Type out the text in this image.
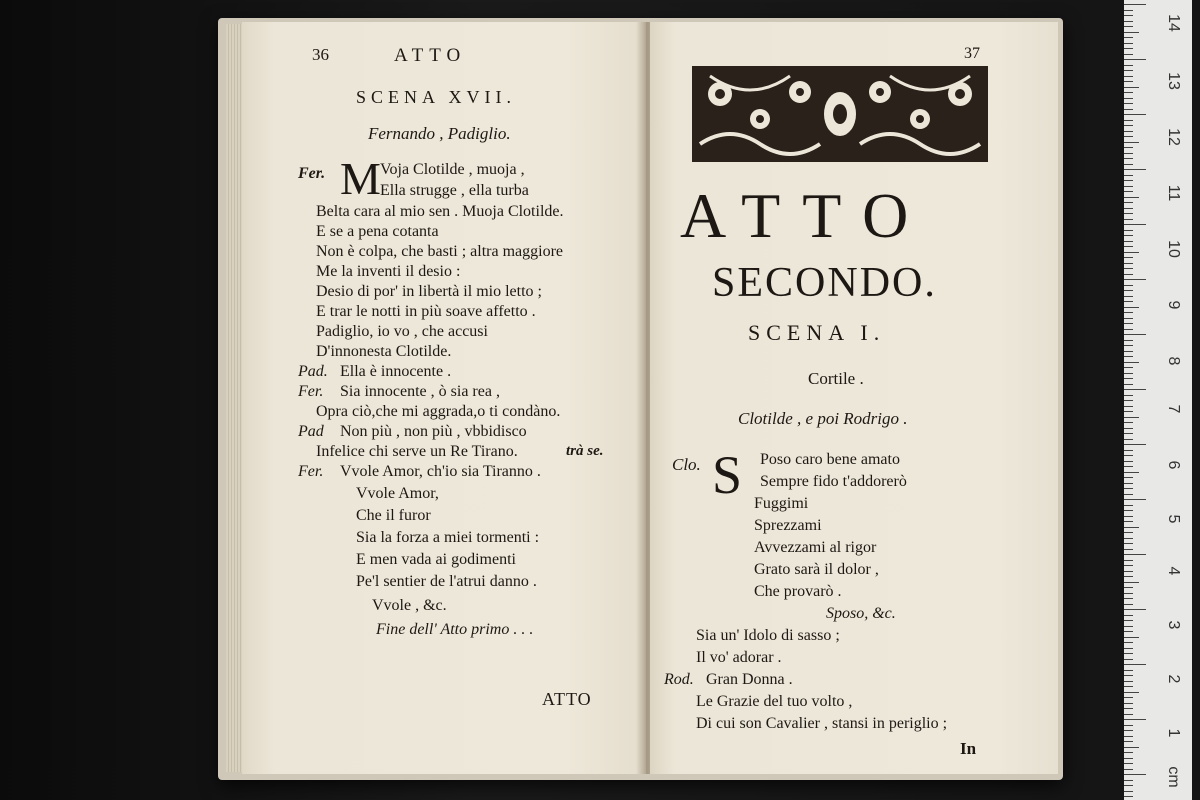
36	ATTO
SCENA XVII.
Fernando , Padiglio.
Fer. M Voja Clotilde , muoja ,
Ella strugge , ella turba
Belta cara al mio sen . Muoja Clotilde.
E se a pena cotanta
Non è colpa, che basti ; altra maggiore
Me la inventi il desio :
Desio di por' in libertà il mio letto ;
E trar le notti in più soave affetto .
Padiglio, io vo , che accusi
D'innonesta Clotilde.
Pad. Ella è innocente .
Fer. Sia innocente , ò sia rea ,
Opra ciò,che mi aggrada,o ti condàno.
Pad Non più , non più , vbbidisco
Infelice chi serve un Re Tirano.	trà se.
Fer. Vvole Amor, ch'io sia Tiranno .
Vvole Amor,
Che il furor
Sia la forza a miei tormenti :
E men vada ai godimenti
Pe'l sentier de l'atrui danno .
Vvole , &c.
Fine dell' Atto primo . . .
ATTO
37
ATTO
SECONDO.
SCENA I.
Cortile .
Clotilde , e poi Rodrigo .
Clo. S Poso caro bene amato
Sempre fido t'addorerò
Fuggimi
Sprezzami
Avvezzami al rigor
Grato sarà il dolor ,
Che provarò .
Sposo, &c.
Sia un' Idolo di sasso ;
Il vo' adorar .
Rod. Gran Donna .
Le Grazie del tuo volto ,
Di cui son Cavalier , stansi in periglio ;
In
14
13
12
11
10
9
8
7
6
5
4
3
2
1
cm
